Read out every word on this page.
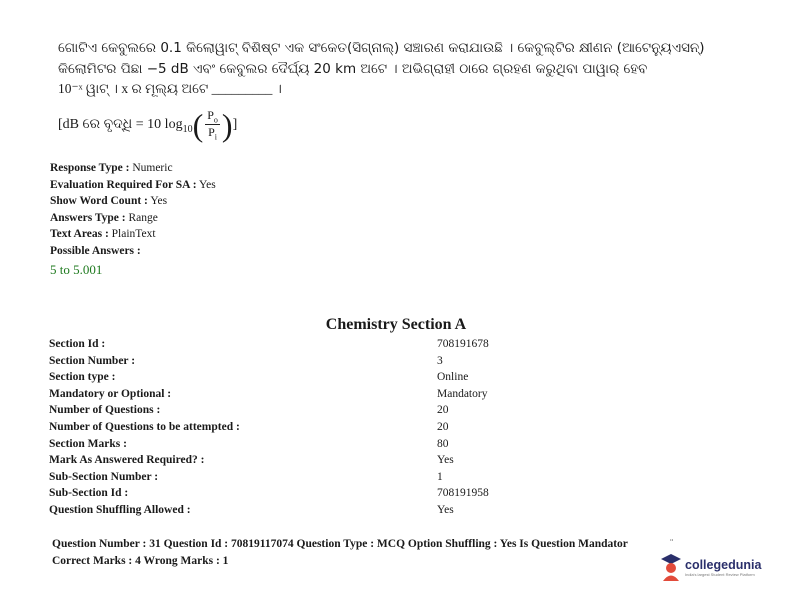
ଗୋଟିଏ କେବୁଲରେ 0.1 କିଲୋୱାଟ୍ ବିଶିଷ୍ଟ ଏକ ସଂକେତ(ସିଗ୍ନାଲ୍) ସଞ୍ଚାରଣ କରାଯାଉଛି । କେବୁଲ୍‌ଟିର କ୍ଷୀଣନ (ଆଟେନ୍ୟୁଏସନ୍)
କିଲୋମିଟର ପିଛା −5 dB ଏବଂ କେବୁଲର ଦୈର୍ଘ୍ୟ 20 km ଅଟେ । ଅଭିଗ୍ରାହୀ ଠାରେ ଗ୍ରହଣ କରୁଥିବା ପାୱାର୍ ହେବ
10⁻ˣ ୱାଟ୍ । x ର ମୂଲ୍ୟ ଅଟେ _________ ।
[dB ରେ ବୃଦ୍ଧି = 10 $\log_{10}$ ( $\frac{P_o}{P_i}$ ) ]
Response Type : Numeric
Evaluation Required For SA : Yes
Show Word Count : Yes
Answers Type : Range
Text Areas : PlainText
Possible Answers :
5 to 5.001
Chemistry Section A
Section Id :	708191678
Section Number :	3
Section type :	Online
Mandatory or Optional :	Mandatory
Number of Questions :	20
Number of Questions to be attempted :	20
Section Marks :	80
Mark As Answered Required? :	Yes
Sub-Section Number :	1
Sub-Section Id :	708191958
Question Shuffling Allowed :	Yes
¨
Question Number : 31 Question Id : 70819117074 Question Type : MCQ Option Shuffling : Yes Is Question Mandator
Correct Marks : 4 Wrong Marks : 1	collegedunia
India's largest Student Review Platform
